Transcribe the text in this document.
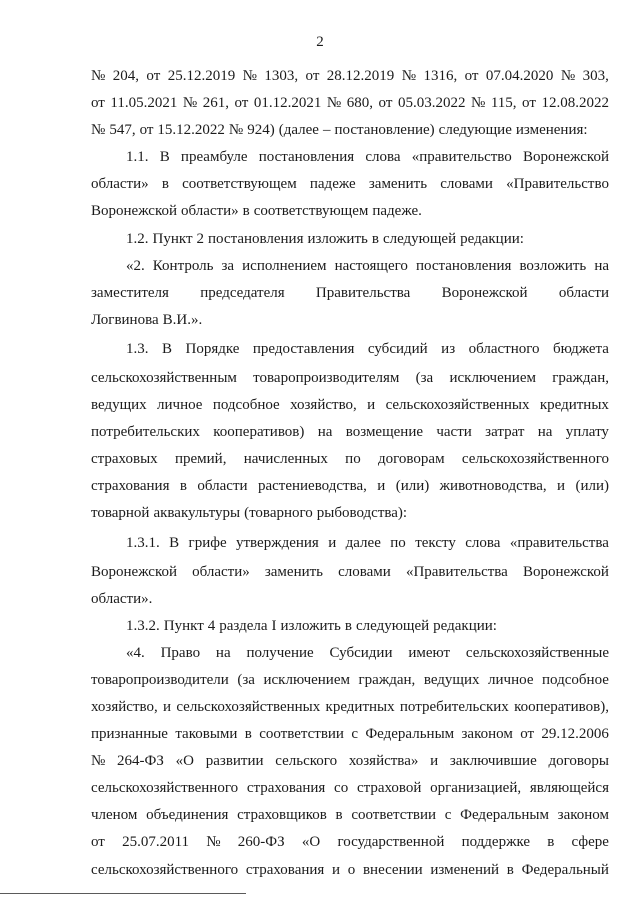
2
№ 204, от 25.12.2019 № 1303, от 28.12.2019 № 1316, от 07.04.2020 № 303,
от 11.05.2021 № 261, от 01.12.2021 № 680, от 05.03.2022 № 115, от 12.08.2022
№ 547, от 15.12.2022 № 924) (далее – постановление) следующие изменения:
1.1. В преамбуле постановления слова «правительство Воронежской
области» в соответствующем падеже заменить словами «Правительство
Воронежской области» в соответствующем падеже.
1.2. Пункт 2 постановления изложить в следующей редакции:
«2. Контроль за исполнением настоящего постановления возложить на
заместителя председателя Правительства Воронежской области
Логвинова В.И.».
1.3. В Порядке предоставления субсидий из областного бюджета
сельскохозяйственным товаропроизводителям (за исключением граждан,
ведущих личное подсобное хозяйство, и сельскохозяйственных кредитных
потребительских кооперативов) на возмещение части затрат на уплату
страховых премий, начисленных по договорам сельскохозяйственного
страхования в области растениеводства, и (или) животноводства, и (или)
товарной аквакультуры (товарного рыбоводства):
1.3.1. В грифе утверждения и далее по тексту слова «правительства
Воронежской области» заменить словами «Правительства Воронежской
области».
1.3.2. Пункт 4 раздела I изложить в следующей редакции:
«4. Право на получение Субсидии имеют сельскохозяйственные
товаропроизводители (за исключением граждан, ведущих личное подсобное
хозяйство, и сельскохозяйственных кредитных потребительских кооперативов),
признанные таковыми в соответствии с Федеральным законом от 29.12.2006
№ 264-ФЗ «О развитии сельского хозяйства» и заключившие договоры
сельскохозяйственного страхования со страховой организацией, являющейся
членом объединения страховщиков в соответствии с Федеральным законом
от 25.07.2011 № 260-ФЗ «О государственной поддержке в сфере
сельскохозяйственного страхования и о внесении изменений в Федеральный
